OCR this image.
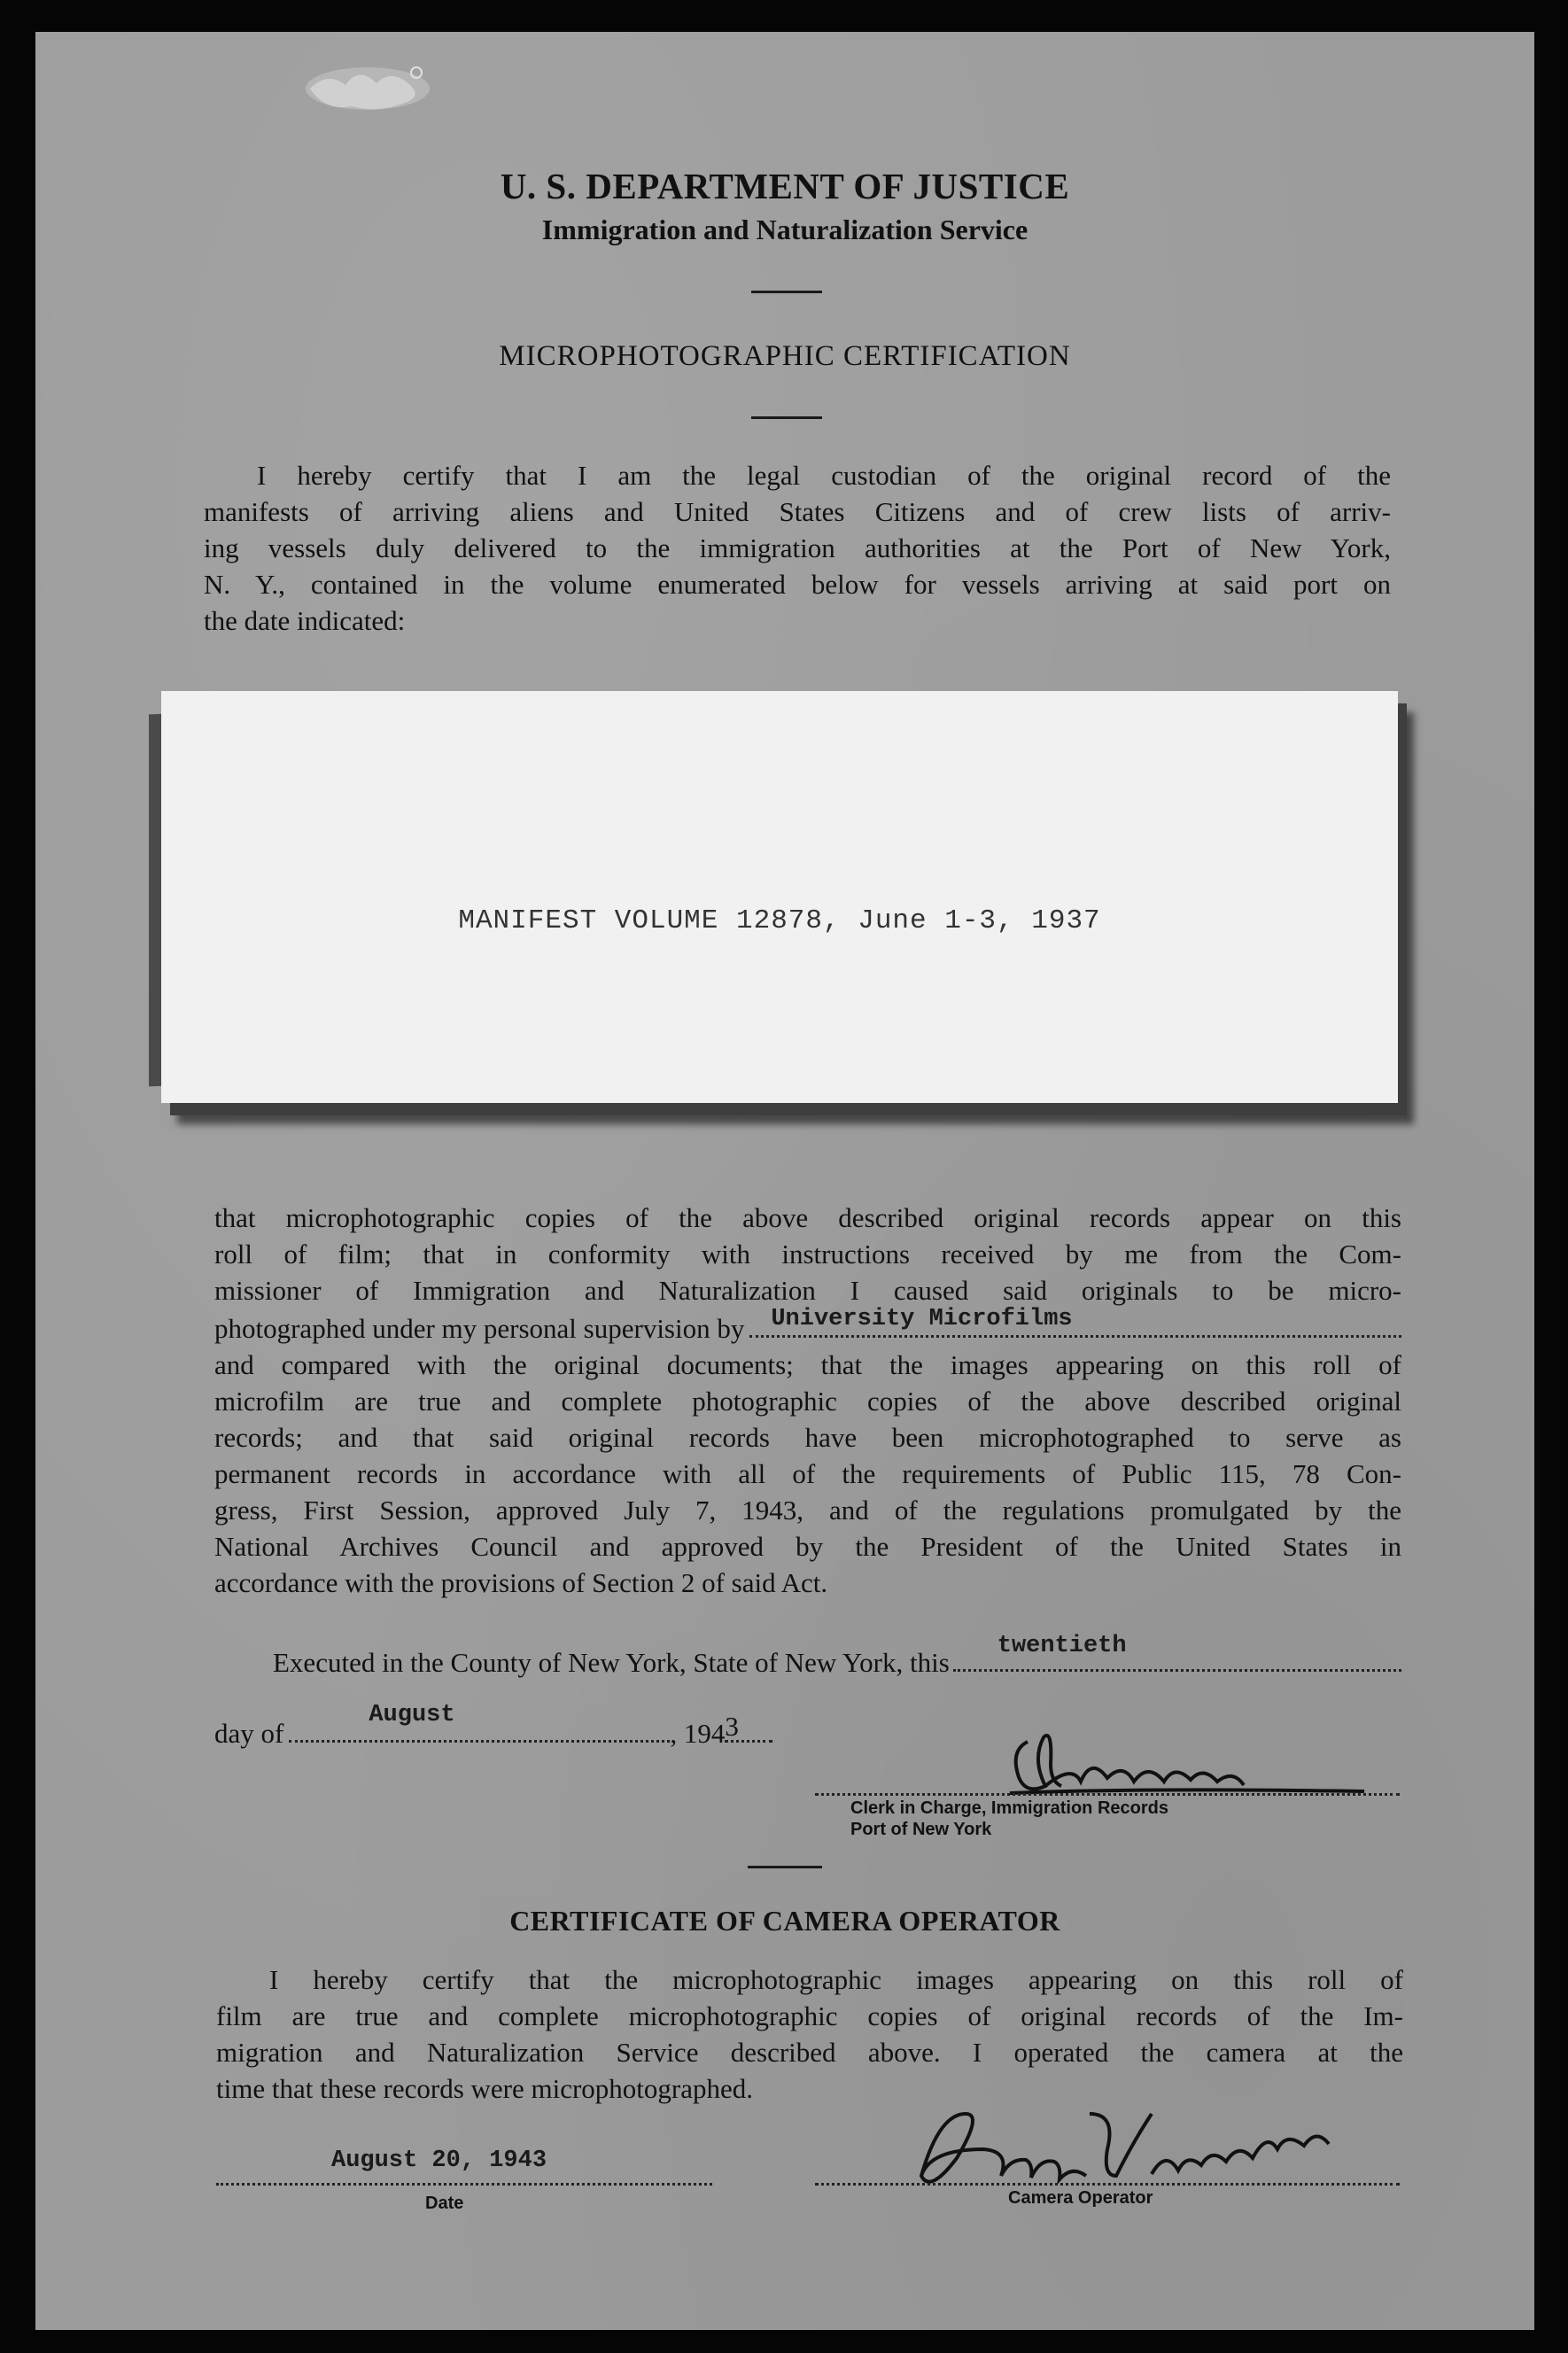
U. S. DEPARTMENT OF JUSTICE
Immigration and Naturalization Service
MICROPHOTOGRAPHIC CERTIFICATION
I hereby certify that I am the legal custodian of the original record of the
manifests of arriving aliens and United States Citizens and of crew lists of arriv-
ing vessels duly delivered to the immigration authorities at the Port of New York,
N. Y., contained in the volume enumerated below for vessels arriving at said port on
the date indicated:
MANIFEST VOLUME 12878, June 1-3, 1937
that microphotographic copies of the above described original records appear on this
roll of film; that in conformity with instructions received by me from the Com-
missioner of Immigration and Naturalization I caused said originals to be micro-
photographed under my personal supervision by University Microfilms
and compared with the original documents; that the images appearing on this roll of
microfilm are true and complete photographic copies of the above described original
records; and that said original records have been microphotographed to serve as
permanent records in accordance with all of the requirements of Public 115, 78 Con-
gress, First Session, approved July 7, 1943, and of the regulations promulgated by the
National Archives Council and approved by the President of the United States in
accordance with the provisions of Section 2 of said Act.
Executed in the County of New York, State of New York, this
twentieth
day of
August
, 194 3
Clerk in Charge, Immigration Records
Port of New York
CERTIFICATE OF CAMERA OPERATOR
I hereby certify that the microphotographic images appearing on this roll of
film are true and complete microphotographic copies of original records of the Im-
migration and Naturalization Service described above. I operated the camera at the
time that these records were microphotographed.
August 20, 1943
Date	Camera Operator
